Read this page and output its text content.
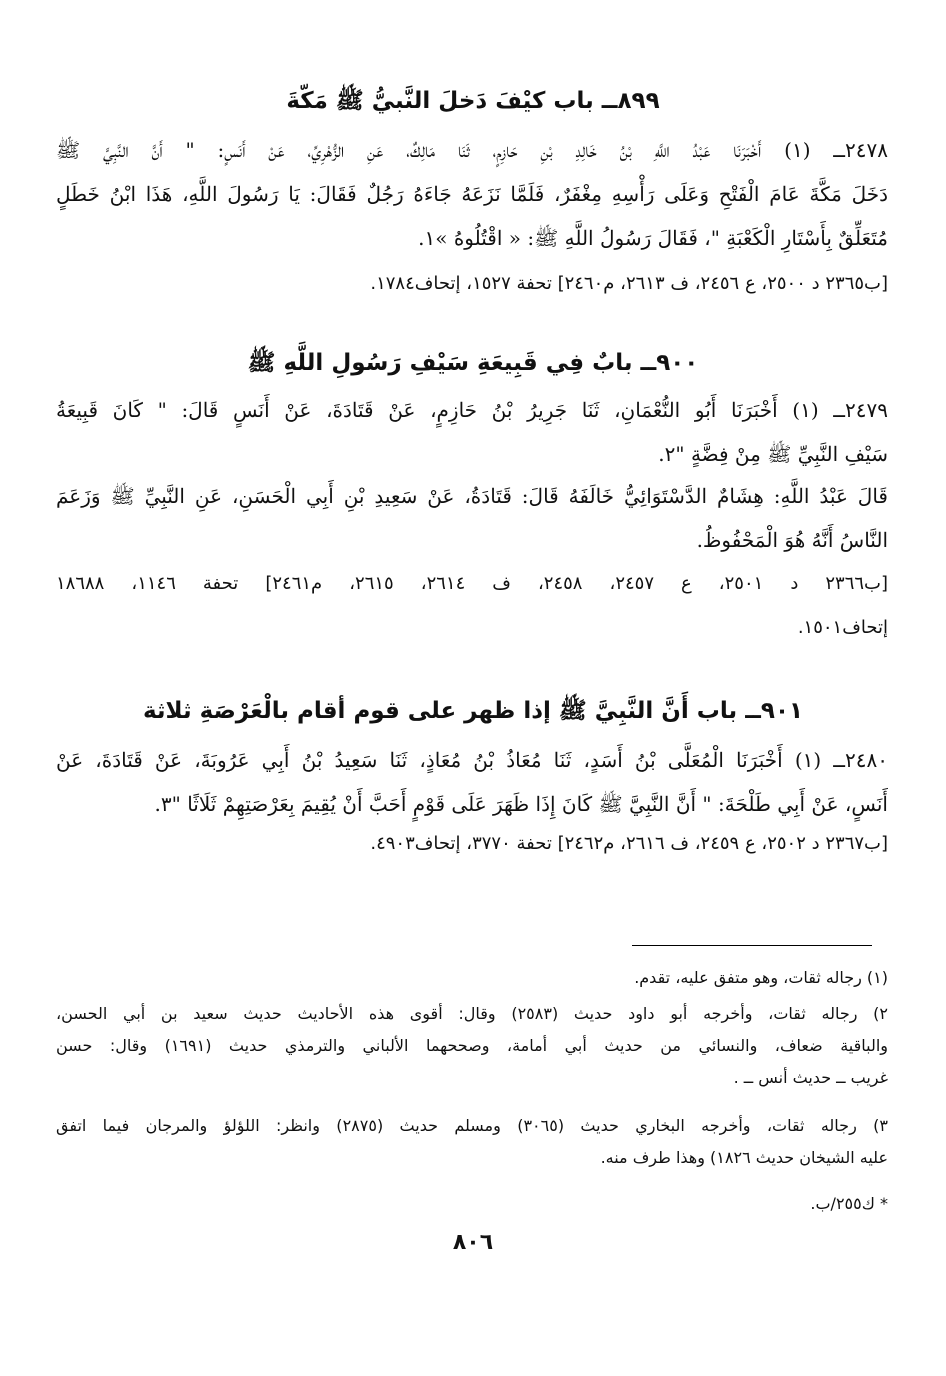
٨٩٩ــ باب كيْفَ دَخلَ النَّبيُّ ﷺ مَكّةَ
٢٤٧٨ــ (١) أَخْبَرَنَا عَبْدُ اللَّهِ بْنُ خَالِدِ بْنِ حَازِمٍ، ثَنَا مَالِكٌ، عَنِ الزُّهْرِيِّ، عَنْ أَنَسٍ: " أَنَّ النَّبِيَّ ﷺ
دَخَلَ مَكَّةَ عَامَ الْفَتْحِ وَعَلَى رَأْسِهِ مِغْفَرٌ، فَلَمَّا نَزَعَهُ جَاءَهُ رَجُلٌ فَقَالَ: يَا رَسُولَ اللَّهِ، هَذَا ابْنُ خَطَلٍ
مُتَعَلِّقٌ بِأَسْتَارِ الْكَعْبَةِ "، فَقَالَ رَسُولُ اللَّهِ ﷺ: « اقْتُلُوهُ »١.
[ب٢٣٦٥ د ٢٥٠٠، ع ٢٤٥٦، ف ٢٦١٣، م٢٤٦٠] تحفة ١٥٢٧، إتحاف١٧٨٤.
٩٠٠ــ بابٌ فِي قَبِيعَةِ سَيْفِ رَسُولِ اللَّهِ ﷺ
٢٤٧٩ــ (١) أَخْبَرَنَا أَبُو النُّعْمَانِ، ثَنَا جَرِيرُ بْنُ حَازِمٍ، عَنْ قَتَادَةَ، عَنْ أَنَسٍ قَالَ: " كَانَ قَبِيعَةُ
سَيْفِ النَّبِيِّ ﷺ مِنْ فِضَّةٍ "٢.
قَالَ عَبْدُ اللَّهِ: هِشَامٌ الدَّسْتَوَائِيُّ خَالَفَهُ قَالَ: قَتَادَةُ، عَنْ سَعِيدِ بْنِ أَبِي الْحَسَنِ، عَنِ النَّبِيِّ ﷺ وَزَعَمَ
النَّاسُ أَنَّهُ هُوَ الْمَحْفُوظُ.
[ب٢٣٦٦ د ٢٥٠١، ع ٢٤٥٧، ٢٤٥٨، ف ٢٦١٤، ٢٦١٥، م٢٤٦١] تحفة ١١٤٦، ١٨٦٨٨
إتحاف١٥٠١.
٩٠١ــ باب أَنَّ النَّبِيَّ ﷺ إذا ظهر على قوم أقام بالْعَرْصَةِ ثلاثة
٢٤٨٠ــ (١) أَخْبَرَنَا الْمُعَلَّى بْنُ أَسَدٍ، ثَنَا مُعَاذُ بْنُ مُعَاذٍ، ثَنَا سَعِيدُ بْنُ أَبِي عَرُوبَةَ، عَنْ قَتَادَةَ، عَنْ
أَنَسٍ، عَنْ أَبِي طَلْحَةَ: " أَنَّ النَّبِيَّ ﷺ كَانَ إِذَا ظَهَرَ عَلَى قَوْمٍ أَحَبَّ أَنْ يُقِيمَ بِعَرْصَتِهِمْ ثَلَاثًا "٣.
[ب٢٣٦٧ د ٢٥٠٢، ع ٢٤٥٩، ف ٢٦١٦، م٢٤٦٢] تحفة ٣٧٧٠، إتحاف٤٩٠٣.
(١) رجاله ثقات، وهو متفق عليه، تقدم.
٢) رجاله ثقات، وأخرجه أبو داود حديث (٢٥٨٣) وقال: أقوى هذه الأحاديث حديث سعيد بن أبي الحسن،
والباقية ضعاف، والنسائي من حديث أبي أمامة، وصححهما الألباني والترمذي حديث (١٦٩١) وقال: حسن
غريب ــ حديث أنس ــ .
٣) رجاله ثقات، وأخرجه البخاري حديث (٣٠٦٥) ومسلم حديث (٢٨٧٥) وانظر: اللؤلؤ والمرجان فيما اتفق
عليه الشيخان حديث ١٨٢٦) وهذا طرف منه.
* ك٢٥٥/ب.
٨٠٦
